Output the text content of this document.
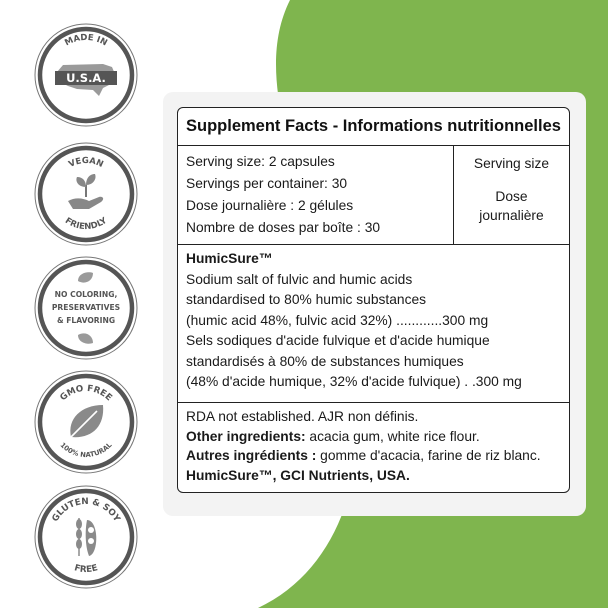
MADE IN
U.S.A.
VEGAN
FRIENDLY
NO COLORING,
PRESERVATIVES
& FLAVORING
GMO FREE
100% NATURAL
GLUTEN & SOY
FREE
Supplement Facts - Informations nutritionnelles
Serving size: 2 capsules
Servings per container: 30
Dose journalière : 2 gélules
Nombre de doses par boîte : 30
Serving size
Dose
journalière
HumicSure™
Sodium salt of fulvic and humic acids
standardised to 80% humic substances
(humic acid 48%, fulvic acid 32%) ............300 mg
Sels sodiques d'acide fulvique et d'acide humique
standardisés à 80% de substances humiques
(48% d'acide humique, 32% d'acide fulvique) . .300 mg
RDA not established. AJR non définis.
Other ingredients: acacia gum, white rice flour.
Autres ingrédients : gomme d'acacia, farine de riz blanc.
HumicSure™, GCI Nutrients, USA.
